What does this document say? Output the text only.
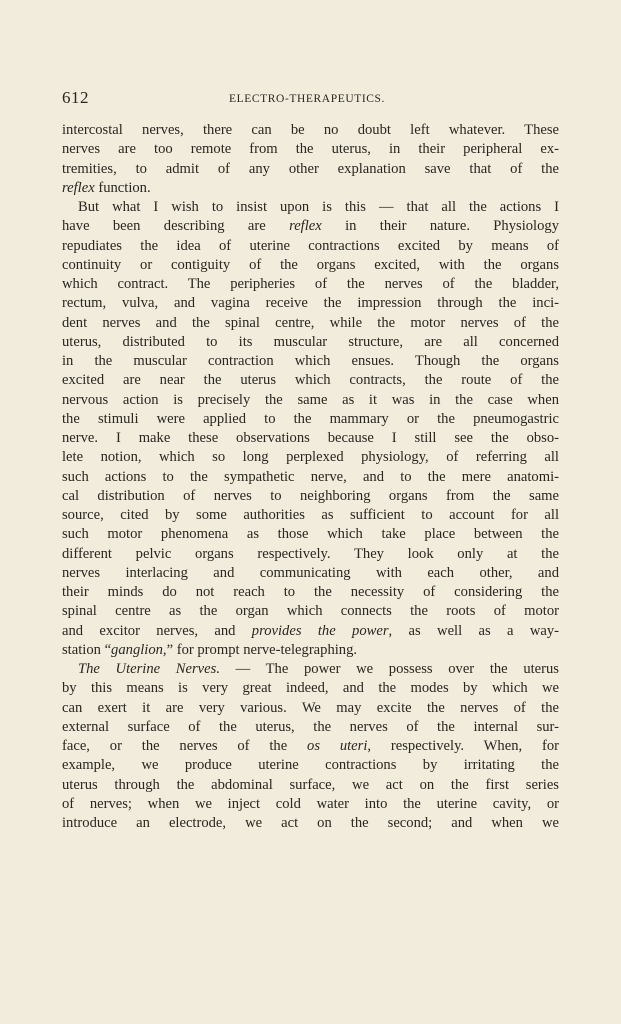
612	ELECTRO-THERAPEUTICS.
intercostal nerves, there can be no doubt left whatever. These
nerves are too remote from the uterus, in their peripheral ex-
tremities, to admit of any other explanation save that of the
reflex function.
But what I wish to insist upon is this — that all the actions I
have been describing are reflex in their nature. Physiology
repudiates the idea of uterine contractions excited by means of
continuity or contiguity of the organs excited, with the organs
which contract. The peripheries of the nerves of the bladder,
rectum, vulva, and vagina receive the impression through the inci-
dent nerves and the spinal centre, while the motor nerves of the
uterus, distributed to its muscular structure, are all concerned
in the muscular contraction which ensues. Though the organs
excited are near the uterus which contracts, the route of the
nervous action is precisely the same as it was in the case when
the stimuli were applied to the mammary or the pneumogastric
nerve. I make these observations because I still see the obso-
lete notion, which so long perplexed physiology, of referring all
such actions to the sympathetic nerve, and to the mere anatomi-
cal distribution of nerves to neighboring organs from the same
source, cited by some authorities as sufficient to account for all
such motor phenomena as those which take place between the
different pelvic organs respectively. They look only at the
nerves interlacing and communicating with each other, and
their minds do not reach to the necessity of considering the
spinal centre as the organ which connects the roots of motor
and excitor nerves, and provides the power, as well as a way-
station “ganglion,” for prompt nerve-telegraphing.
The Uterine Nerves. — The power we possess over the uterus
by this means is very great indeed, and the modes by which we
can exert it are very various. We may excite the nerves of the
external surface of the uterus, the nerves of the internal sur-
face, or the nerves of the os uteri, respectively. When, for
example, we produce uterine contractions by irritating the
uterus through the abdominal surface, we act on the first series
of nerves; when we inject cold water into the uterine cavity, or
introduce an electrode, we act on the second; and when we
